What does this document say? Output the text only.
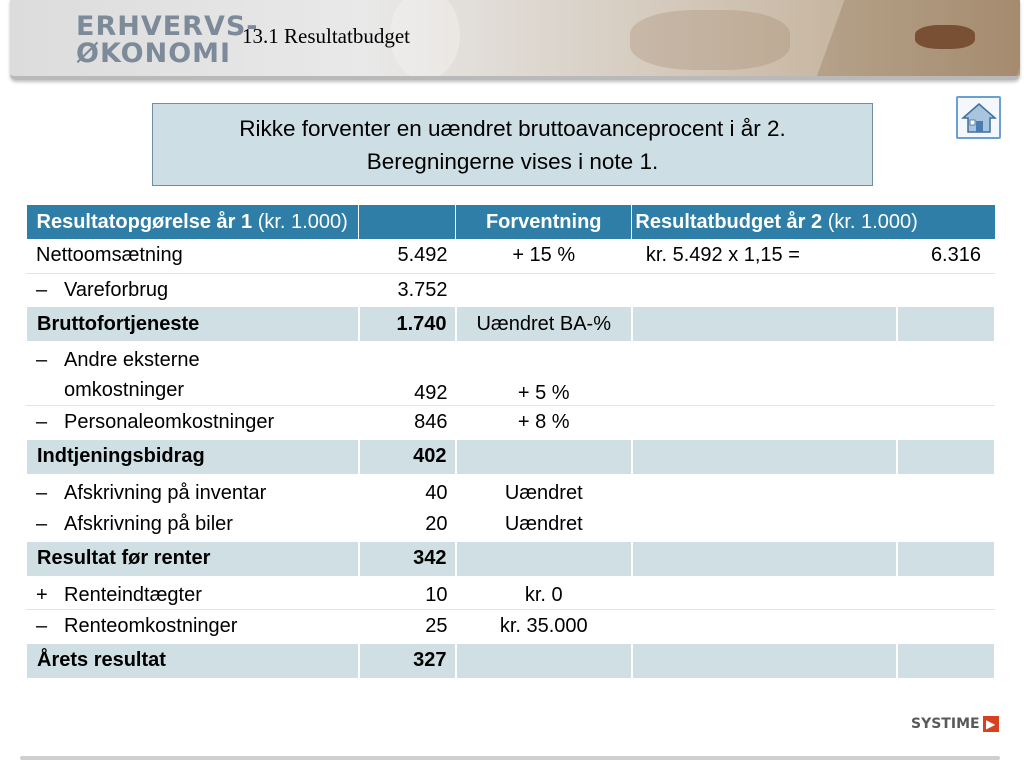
ERHVERVS-
ØKONOMI
13.1 Resultatbudget
Rikke forventer en uændret bruttoavanceprocent i år 2.
Beregningerne vises i note 1.
Resultatopgørelse år 1 (kr. 1.000)		Forventning	Resultatbudget år 2 (kr. 1.000)	
Nettoomsætning	5.492	+ 15 %	kr. 5.492 x 1,15 =	6.316
– Vareforbrug	3.752			
Bruttofortjeneste	1.740	Uændret BA-%		

– Andre eksterne
omkostninger	492	+ 5 %		
– Personaleomkostninger	846	+ 8 %		
Indtjeningsbidrag	402			
– Afskrivning på inventar	40	Uændret		
– Afskrivning på biler	20	Uændret		
Resultat før renter	342			
+ Renteindtægter	10	kr. 0		
– Renteomkostninger	25	kr. 35.000		
Årets resultat	327			
SYSTIME ▶
